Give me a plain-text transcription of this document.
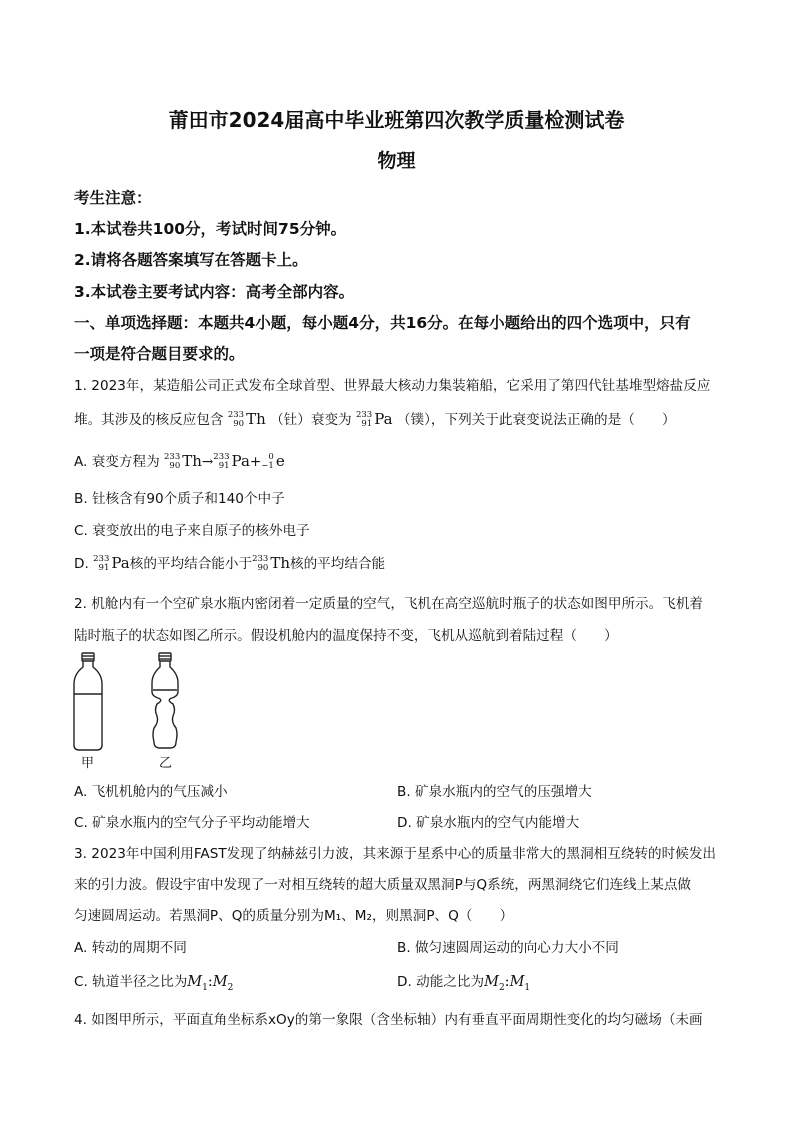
莆田市2024届高中毕业班第四次教学质量检测试卷
物理
考生注意：
1.本试卷共100分，考试时间75分钟。
2.请将各题答案填写在答题卡上。
3.本试卷主要考试内容：高考全部内容。
一、单项选择题：本题共4小题，每小题4分，共16分。在每小题给出的四个选项中，只有
一项是符合题目要求的。
1. 2023年，某造船公司正式发布全球首型、世界最大核动力集装箱船，它采用了第四代钍基堆型熔盐反应
堆。其涉及的核反应包含 233
90 Th （钍）衰变为 233
91 Pa （镤），下列关于此衰变说法正确的是（　　）
A. 衰变方程为 233
90 Th→ 233
91 Pa+ 0
−1 e
B. 钍核含有90个质子和140个中子
C. 衰变放出的电子来自原子的核外电子
D. 233
91 Pa核的平均结合能小于 233
90 Th核的平均结合能
2. 机舱内有一个空矿泉水瓶内密闭着一定质量的空气，飞机在高空巡航时瓶子的状态如图甲所示。飞机着
陆时瓶子的状态如图乙所示。假设机舱内的温度保持不变，飞机从巡航到着陆过程（　　）
甲	乙
A. 飞机机舱内的气压减小	B. 矿泉水瓶内的空气的压强增大
C. 矿泉水瓶内的空气分子平均动能增大	D. 矿泉水瓶内的空气内能增大
3. 2023年中国利用FAST发现了纳赫兹引力波，其来源于星系中心的质量非常大的黑洞相互绕转的时候发出
来的引力波。假设宇宙中发现了一对相互绕转的超大质量双黑洞P与Q系统，两黑洞绕它们连线上某点做
匀速圆周运动。若黑洞P、Q的质量分别为M₁、M₂，则黑洞P、Q（　　）
A. 转动的周期不同	B. 做匀速圆周运动的向心力大小不同
C. 轨道半径之比为$M_1:M_2$	D. 动能之比为$M_2:M_1$
4. 如图甲所示，平面直角坐标系xOy的第一象限（含坐标轴）内有垂直平面周期性变化的均匀磁场（未画
